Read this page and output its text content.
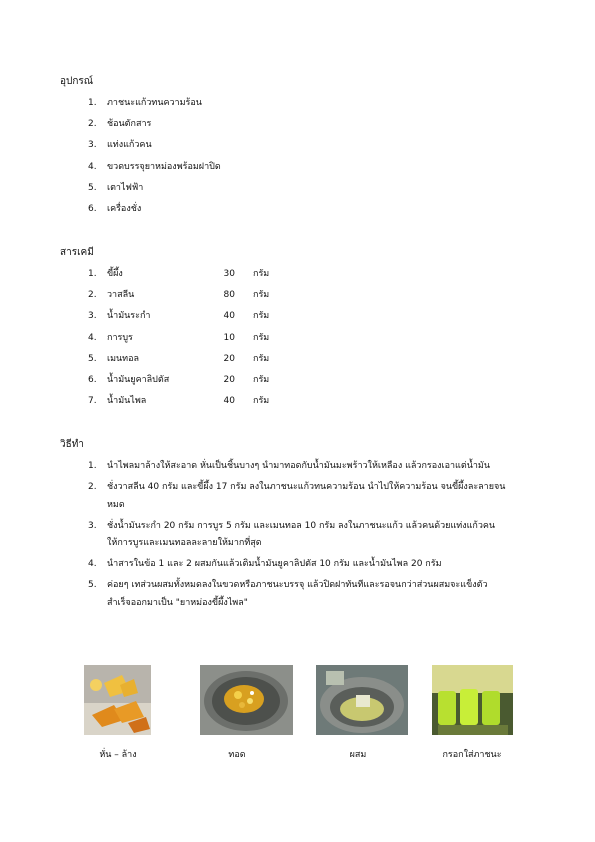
อุปกรณ์
1.	ภาชนะแก้วทนความร้อน
2.	ช้อนตักสาร
3.	แท่งแก้วคน
4.	ขวดบรรจุยาหม่องพร้อมฝาปิด
5.	เตาไฟฟ้า
6.	เครื่องชั่ง
สารเคมี
1.	ขี้ผึ้ง	30 กรัม
2.	วาสลีน	80 กรัม
3.	น้ำมันระกำ	40 กรัม
4.	การบูร	10 กรัม
5.	เมนทอล	20 กรัม
6.	น้ำมันยูคาลิปตัส	20 กรัม
7.	น้ำมันไพล	40 กรัม
วิธีทำ
1.	นำไพลมาล้างให้สะอาด หั่นเป็นชิ้นบางๆ นำมาทอดกับน้ำมันมะพร้าวให้เหลือง แล้วกรองเอาแต่น้ำมัน
2.	ชั่งวาสลีน 40 กรัม และขี้ผึ้ง 17 กรัม ลงในภาชนะแก้วทนความร้อน นำไปให้ความร้อน จนขี้ผึ้งละลายจนหมด
3.	ชั่งน้ำมันระกำ 20 กรัม การบูร 5 กรัม และเมนทอล 10 กรัม ลงในภาชนะแก้ว แล้วคนด้วยแท่งแก้วคนให้การบูรและเมนทอลละลายให้มากที่สุด
4.	นำสารในข้อ 1 และ 2 ผสมกันแล้วเติมน้ำมันยูคาลิปตัส 10 กรัม และน้ำมันไพล 20 กรัม
5.	ค่อยๆ เทส่วนผสมทั้งหมดลงในขวดหรือภาชนะบรรจุ แล้วปิดฝาทันทีและรอจนกว่าส่วนผสมจะแข็งตัว สำเร็จออกมาเป็น "ยาหม่องขี้ผึ้งไพล"
หั่น – ล้าง	ทอด	ผสม	กรอกใส่ภาชนะ
